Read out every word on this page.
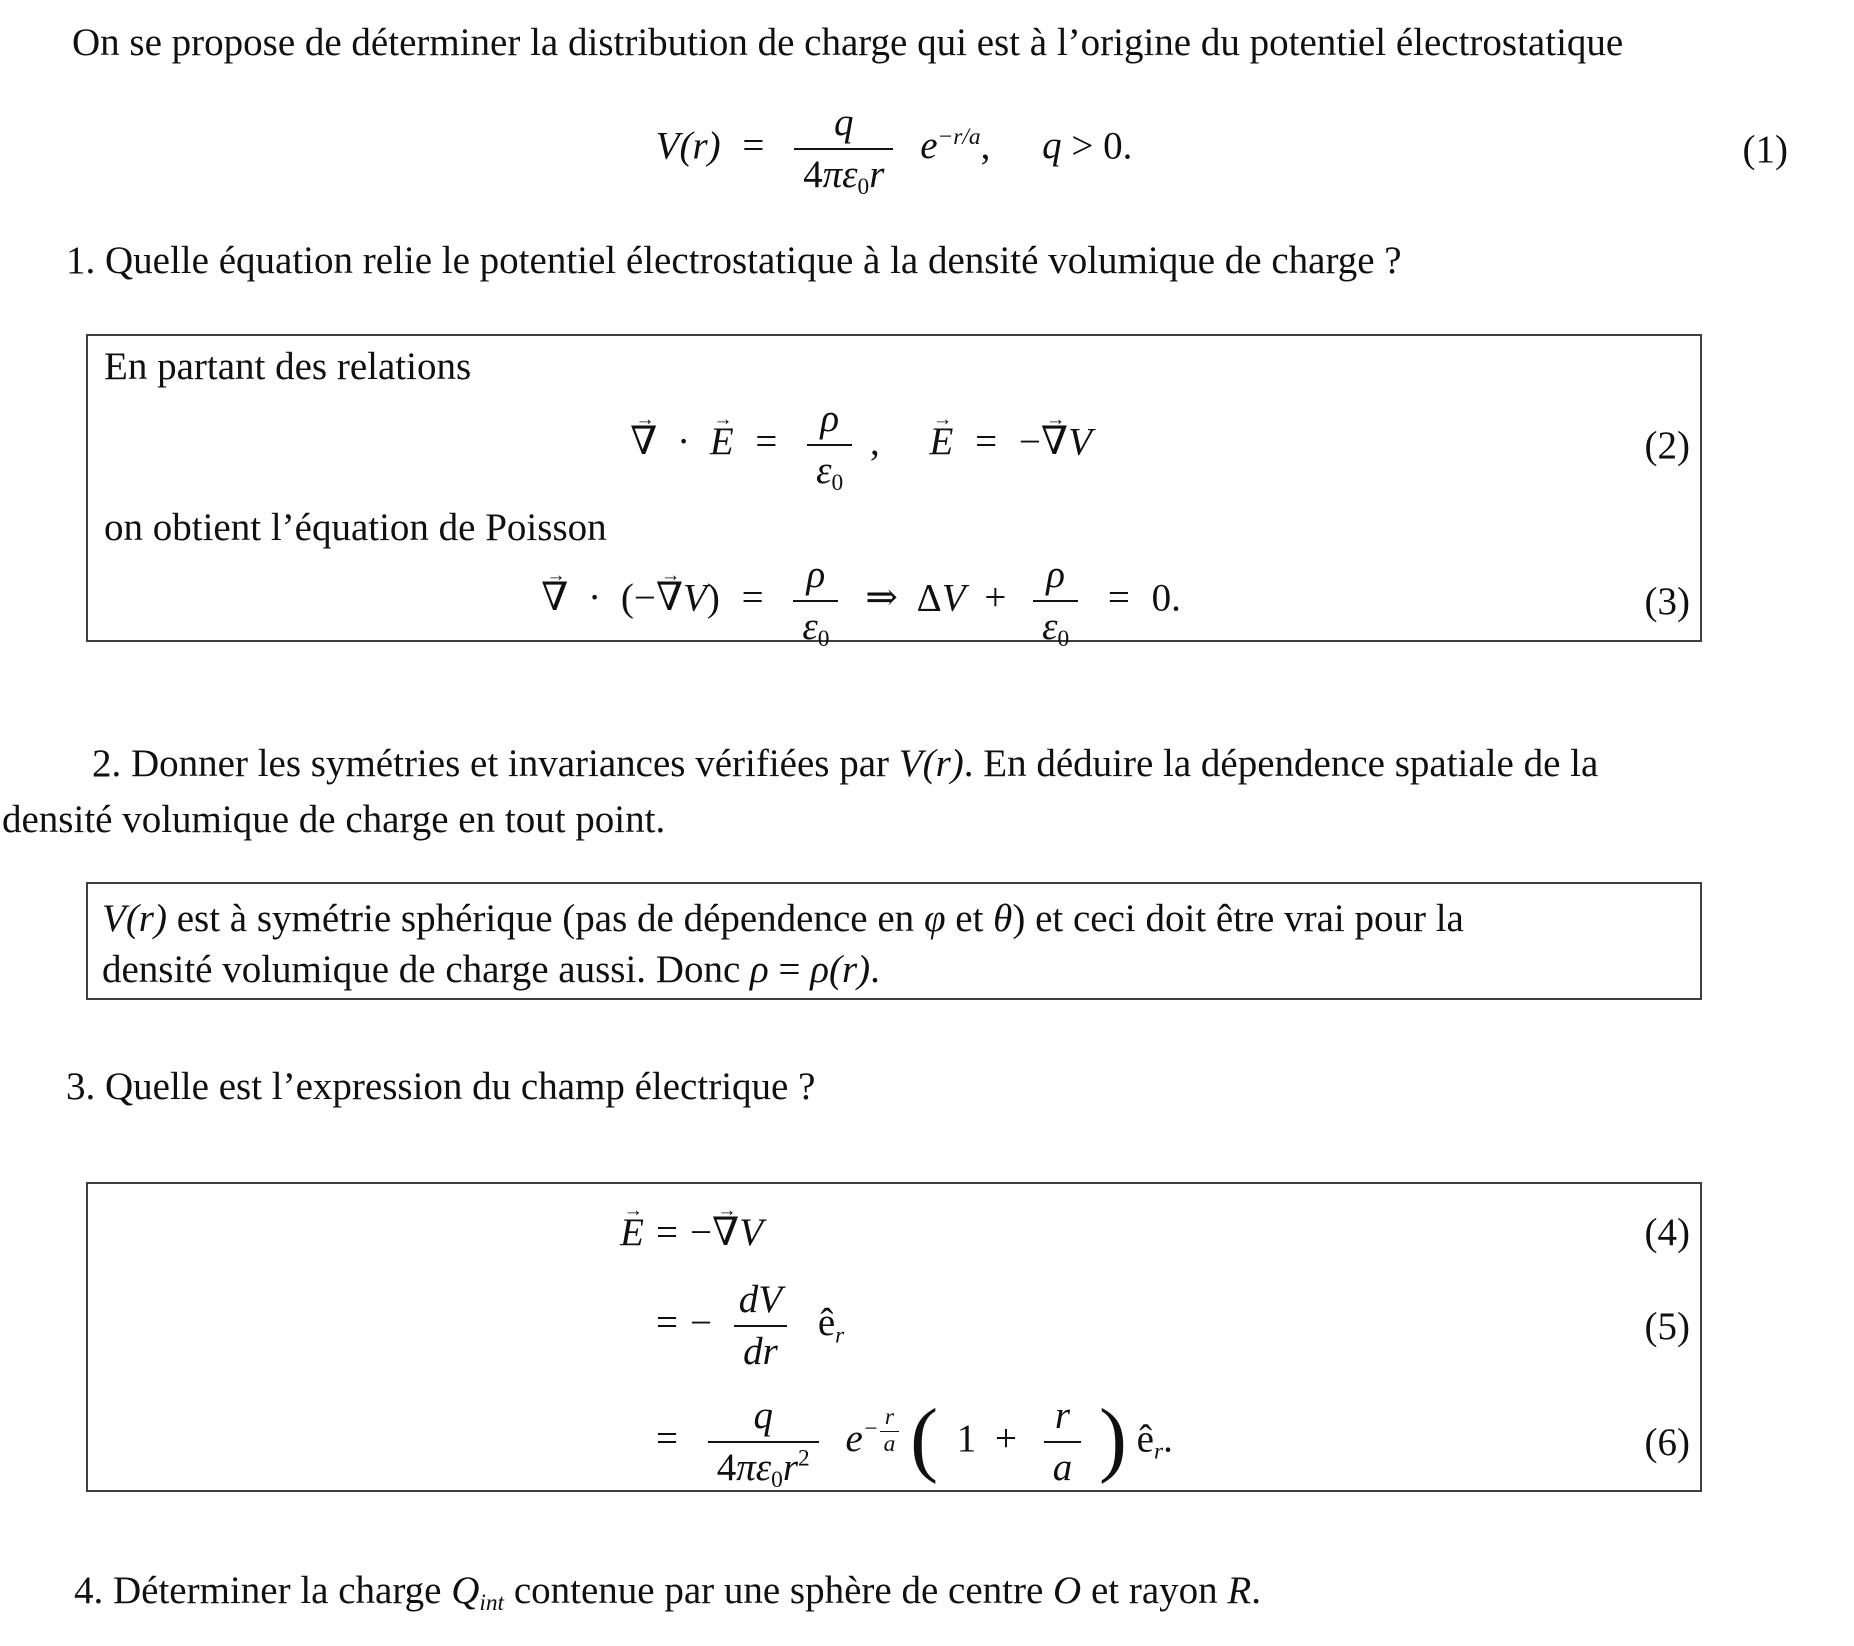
On se propose de déterminer la distribution de charge qui est à l’origine du potentiel électrostatique
$V(r) = \frac{q}{4\pi\varepsilon_0r} e^{-r/a}$, q > 0.	(1)
1. Quelle équation relie le potentiel électrostatique à la densité volumique de charge ?
En partant des relations
∇ → · E → = $\frac{\rho}{\varepsilon_0}$ , E → = −∇ →V	(2)
on obtient l’équation de Poisson
∇ → · (−∇ $\to V) = \frac{\rho}{\varepsilon_0}$ ⇒ $\Delta V + \frac{\rho}{\varepsilon_0} = 0$.	(3)
2. Donner les symétries et invariances vérifiées par V(r). En déduire la dépendence spatiale de la
densité volumique de charge en tout point.
V(r) est à symétrie sphérique (pas de dépendence en φ et θ) et ceci doit être vrai pour la
densité volumique de charge aussi. Donc ρ = ρ(r).
3. Quelle est l’expression du champ électrique ?
E → = −∇ →V	(4)
= − $\frac{dV}{dr}$ $ê_r$	(5)
= $\frac{q}{4\pi\varepsilon_0r^2} e^{- \frac{r}{a}}$ ( $1 + \frac{r}{a}$ ) $ê_r$.	(6)
4. Déterminer la charge $Q_{int}$ contenue par une sphère de centre O et rayon R.
